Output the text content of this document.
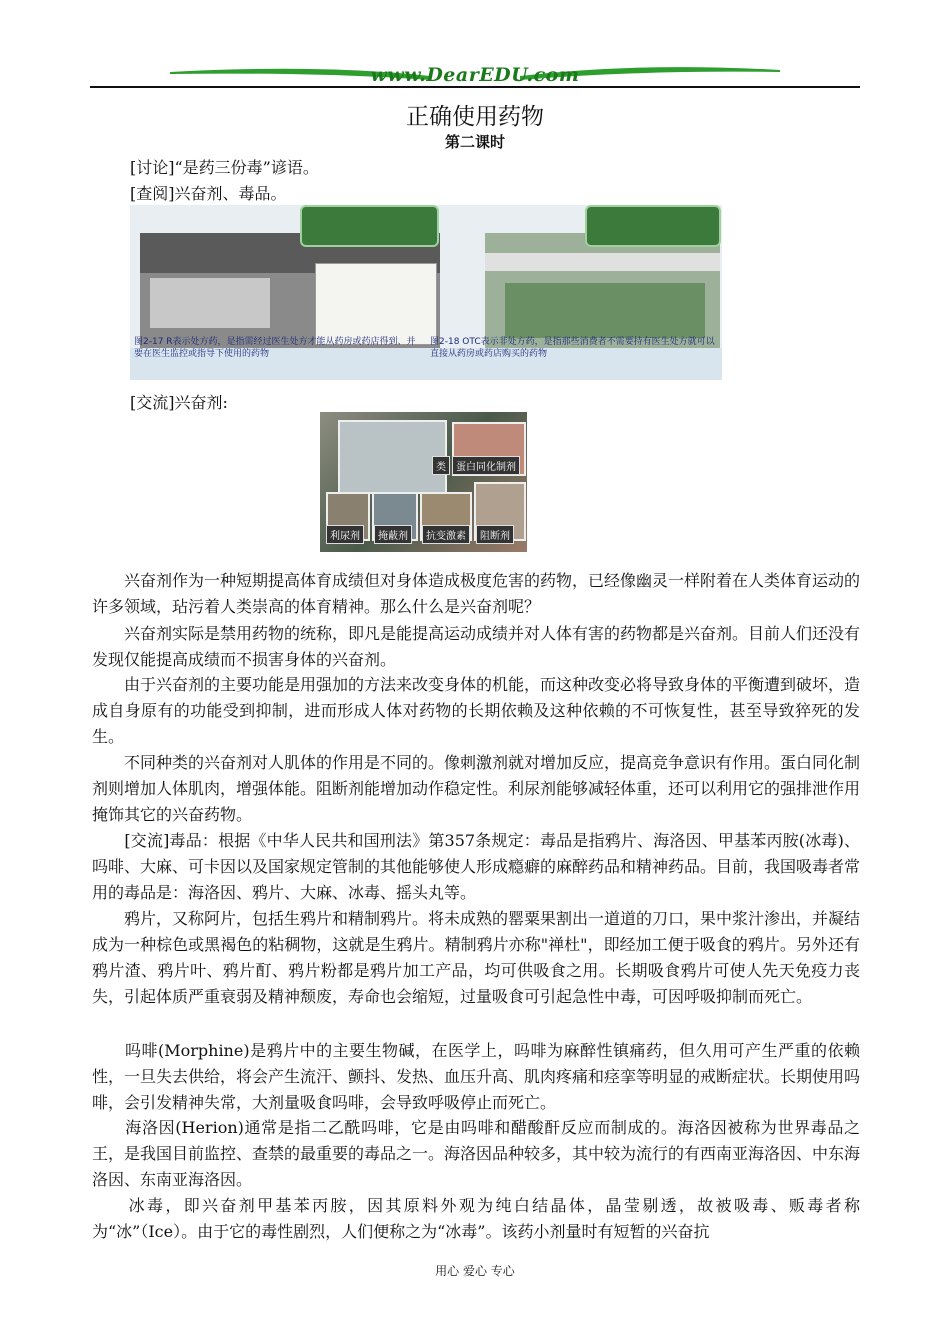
www.DearEDU.com
正确使用药物
第二课时
[讨论]“是药三份毒”谚语。
[查阅]兴奋剂、毒品。
图2-17 R表示处方药，是指需经过医生处方才能从药房或药店得到、并要在医生监控或指导下使用的药物
图2-18 OTC表示非处方药，是指那些消费者不需要持有医生处方就可以直接从药房或药店购买的药物
[交流]兴奋剂:
类	蛋白同化制剂
利尿剂	掩蔽剂	抗变激素	阻断剂

　　兴奋剂作为一种短期提高体育成绩但对身体造成极度危害的药物，已经像幽灵一样附着在人类体育运动的许多领域，玷污着人类崇高的体育精神。那么什么是兴奋剂呢？

　　兴奋剂实际是禁用药物的统称，即凡是能提高运动成绩并对人体有害的药物都是兴奋剂。目前人们还没有发现仅能提高成绩而不损害身体的兴奋剂。

　　由于兴奋剂的主要功能是用强加的方法来改变身体的机能，而这种改变必将导致身体的平衡遭到破坏，造成自身原有的功能受到抑制，进而形成人体对药物的长期依赖及这种依赖的不可恢复性，甚至导致猝死的发生。

　　不同种类的兴奋剂对人肌体的作用是不同的。像刺激剂就对增加反应，提高竞争意识有作用。蛋白同化制剂则增加人体肌肉，增强体能。阻断剂能增加动作稳定性。利尿剂能够减轻体重，还可以利用它的强排泄作用掩饰其它的兴奋药物。

　　[交流]毒品：根据《中华人民共和国刑法》第357条规定：毒品是指鸦片、海洛因、甲基苯丙胺(冰毒)、吗啡、大麻、可卡因以及国家规定管制的其他能够使人形成瘾癖的麻醉药品和精神药品。目前，我国吸毒者常用的毒品是：海洛因、鸦片、大麻、冰毒、摇头丸等。

　　鸦片，又称阿片，包括生鸦片和精制鸦片。将未成熟的罂粟果割出一道道的刀口，果中浆汁渗出，并凝结成为一种棕色或黑褐色的粘稠物，这就是生鸦片。精制鸦片亦称"禅杜"，即经加工便于吸食的鸦片。另外还有鸦片渣、鸦片叶、鸦片酊、鸦片粉都是鸦片加工产品，均可供吸食之用。长期吸食鸦片可使人先天免疫力丧失，引起体质严重衰弱及精神颓废，寿命也会缩短，过量吸食可引起急性中毒，可因呼吸抑制而死亡。

　　吗啡(Morphine)是鸦片中的主要生物碱，在医学上，吗啡为麻醉性镇痛药，但久用可产生严重的依赖性，一旦失去供给，将会产生流汗、颤抖、发热、血压升高、肌肉疼痛和痉挛等明显的戒断症状。长期使用吗啡，会引发精神失常，大剂量吸食吗啡，会导致呼吸停止而死亡。

　　海洛因(Herion)通常是指二乙酰吗啡，它是由吗啡和醋酸酐反应而制成的。海洛因被称为世界毒品之王，是我国目前监控、查禁的最重要的毒品之一。海洛因品种较多，其中较为流行的有西南亚海洛因、中东海洛因、东南亚海洛因。

　　冰毒，即兴奋剂甲基苯丙胺，因其原料外观为纯白结晶体，晶莹剔透，故被吸毒、贩毒者称为“冰”（Ice）。由于它的毒性剧烈，人们便称之为“冰毒”。该药小剂量时有短暂的兴奋抗

用心 爱心 专心
